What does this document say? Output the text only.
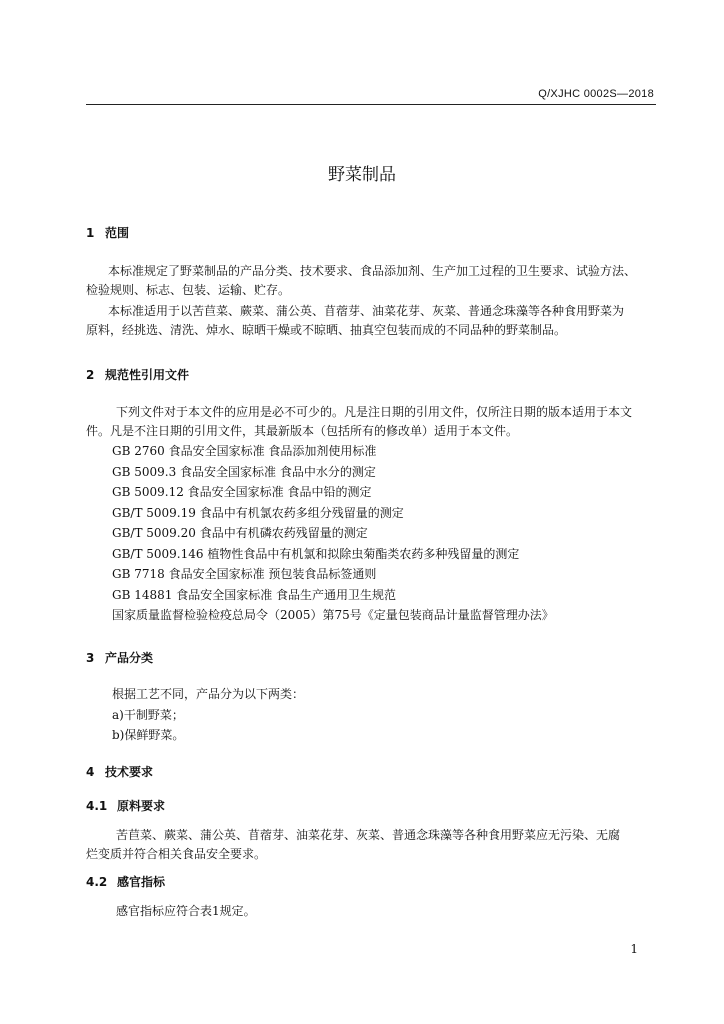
Q/XJHC 0002S—2018
野菜制品
1 范围
本标准规定了野菜制品的产品分类、技术要求、食品添加剂、生产加工过程的卫生要求、试验方法、
检验规则、标志、包装、运输、贮存。
本标准适用于以苦苣菜、蕨菜、蒲公英、苜蓿芽、油菜花芽、灰菜、普通念珠藻等各种食用野菜为
原料，经挑选、清洗、焯水、晾晒干燥或不晾晒、抽真空包装而成的不同品种的野菜制品。
2 规范性引用文件
下列文件对于本文件的应用是必不可少的。凡是注日期的引用文件，仅所注日期的版本适用于本文
件。凡是不注日期的引用文件，其最新版本（包括所有的修改单）适用于本文件。
GB 2760 食品安全国家标准 食品添加剂使用标准
GB 5009.3 食品安全国家标准 食品中水分的测定
GB 5009.12 食品安全国家标准 食品中铅的测定
GB/T 5009.19 食品中有机氯农药多组分残留量的测定
GB/T 5009.20 食品中有机磷农药残留量的测定
GB/T 5009.146 植物性食品中有机氯和拟除虫菊酯类农药多种残留量的测定
GB 7718 食品安全国家标准 预包装食品标签通则
GB 14881 食品安全国家标准 食品生产通用卫生规范
国家质量监督检验检疫总局令（2005）第75号《定量包装商品计量监督管理办法》
3 产品分类
根据工艺不同，产品分为以下两类：
a)干制野菜；
b)保鲜野菜。
4 技术要求
4.1 原料要求
苦苣菜、蕨菜、蒲公英、苜蓿芽、油菜花芽、灰菜、普通念珠藻等各种食用野菜应无污染、无腐
烂变质并符合相关食品安全要求。
4.2 感官指标
感官指标应符合表1规定。
1
